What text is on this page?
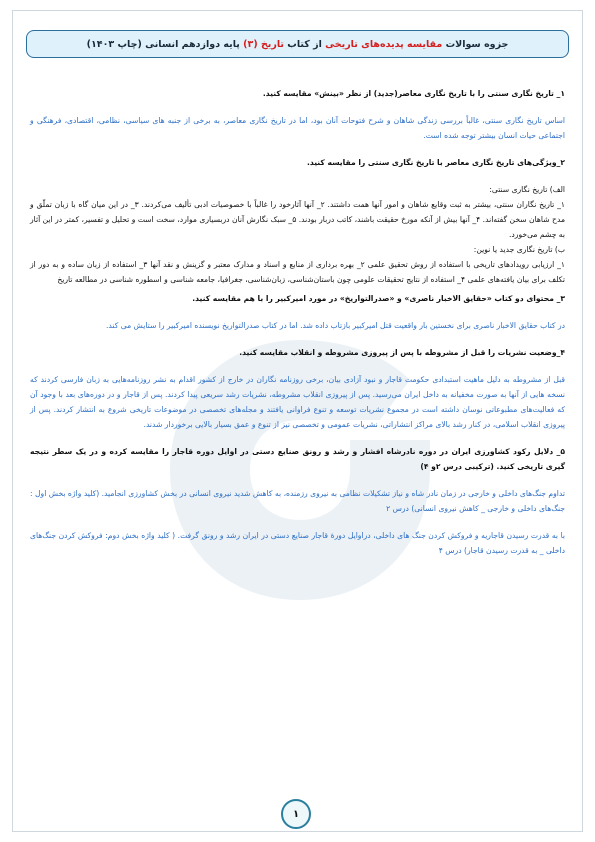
جزوه سوالات

مقایسه پدیده‌های تاریخی

از کتاب

تاریخ (۳)

پایه دوازدهم انسانی (چاپ ۱۴۰۳)

۱_ تاریخ نگاری سنتی را با تاریخ نگاری معاصر(جدید) از نظر «بینش» مقایسه کنید.

اساس تاریخ نگاری سنتی، غالباً بررسی زندگی شاهان و شرح فتوحات آنان بود، اما در تاریخ نگاری معاصر، به برخی از جنبه های سیاسی، نظامی، اقتصادی، فرهنگی و اجتماعی حیات انسان بیشتر توجه شده است.

۲_ویژگی‌های تاریخ نگاری معاصر با تاریخ نگاری سنتی را مقایسه کنید.

الف) تاریخ نگاری سنتی:
۱_ تاریخ نگاران سنتی، بیشتر به ثبت وقایع شاهان و امور آنها همت داشتند. ۲_ آنها آثارخود را غالباً با خصوصیات ادبی تألیف می‌کردند. ۳_ در این میان گاه با زبان تملّق و مدح شاهان سخن گفته‌اند. ۴_ آنها بیش از آنکه مورخ حقیقت باشند، کاتب دربار بودند. ۵_ سبک نگارش آنان در‌بسیاری موارد، سخت است و تحلیل و تفسیر، کمتر در این آثار به چشم می‌خورد.
ب) تاریخ نگاری جدید یا نوین:
۱_ ارزیابی رویدادهای تاریخی با استفاده از روش تحقیق علمی ۲_ بهره برداری از منابع و اسناد و مدارک معتبر و گزینش و نقد آنها ۳_ استفاده از زبان ساده و به دور از تکلف برای بیان یافته‌های علمی ۴_ استفاده از نتایج تحقیقات علومی چون باستان‌شناسی، زبان‌شناسی، جغرافیا، جامعه شناسی و اسطوره شناسی در مطالعه تاریخ

۳_ محتوای دو کتاب «حقایق الاخبار ناصری» و «صدرالتواریخ» در مورد امیرکبیر را با هم مقایسه کنید.

در کتاب حقایق الاخبار ناصری برای نخستین بار واقعیت قتل امیرکبیر بازتاب داده شد. اما در کتاب صدرالتواریخ نویسنده امیرکبیر را ستایش می کند.

۴_وضعیت نشریات را قبل از مشروطه با پس از پیروزی مشروطه و انقلاب مقایسه کنید.

قبل از مشروطه به دلیل ماهیت استبدادی حکومت قاجار و نبود آزادی بیان، برخی روزنامه نگاران در خارج از کشور اقدام به نشر روزنامه‌هایی به زبان فارسی کردند که نسخه هایی از آنها به صورت مخفیانه به داخل ایران می‌رسید. پس از پیروزی انقلاب مشروطه، نشریات رشد سریعی پیدا کردند. پس از قاجار و در دوره‌های بعد با وجود آن که فعالیت‌های مطبوعاتی نوسان داشته است در مجموع نشریات توسعه و تنوع فراوانی یافتند و مجله‌های تخصصی در موضوعات تاریخی شروع به انتشار کردند. پس از پیروزی انقلاب اسلامی، در کنار رشد بالای مراکز انتشاراتی، نشریات عمومی و تخصصی نیز از تنوع و عمق بسیار بالایی برخوردار شدند.

۵_ دلایل رکود کشاورزی ایران در دوره نادرشاه افشار و رشد و رونق صنایع دستی در اوایل دوره قاجار را مقایسه کرده و در یک سطر نتیجه گیری تاریخی کنید. (ترکیبی درس ۲و ۴)

تداوم جنگ‌های داخلی و خارجی در زمان نادر شاه و نیاز تشکیلات نظامی به نیروی رزمنده، به کاهش شدید نیروی انسانی در بخش کشاورزی انجامید. (کلید واژه بخش اول : جنگ‌های داخلی و خارجی _ کاهش نیروی انسانی) درس ۲

با به قدرت رسیدن قاجاریه و فروکش کردن جنگ های داخلی، دراوایل دورۀ قاجار صنایع دستی در ایران رشد و رونق گرفت. ( کلید واژه بخش دوم: فروکش کردن جنگ‌های داخلی _ به قدرت رسیدن قاجار) درس ۴

۱
